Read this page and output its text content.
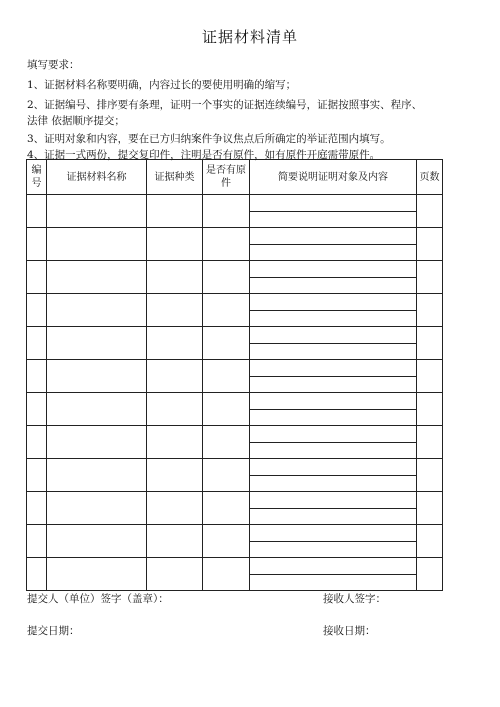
证据材料清单
填写要求：
1、证据材料名称要明确，内容过长的要使用明确的缩写；
2、证据编号、排序要有条理，证明一个事实的证据连续编号，证据按照事实、程序、
法律 依据顺序提交；
3、证明对象和内容，要在已方归纳案件争议焦点后所确定的举证范围内填写。
4、证据一式两份，提交复印件，注明是否有原件，如有原件开庭需带原件。
编号	证据材料名称	证据种类	是否有原件	简要说明证明对象及内容	页数

提交人（单位）签字（盖章）：	接收人签字：
提交日期：	接收日期：
